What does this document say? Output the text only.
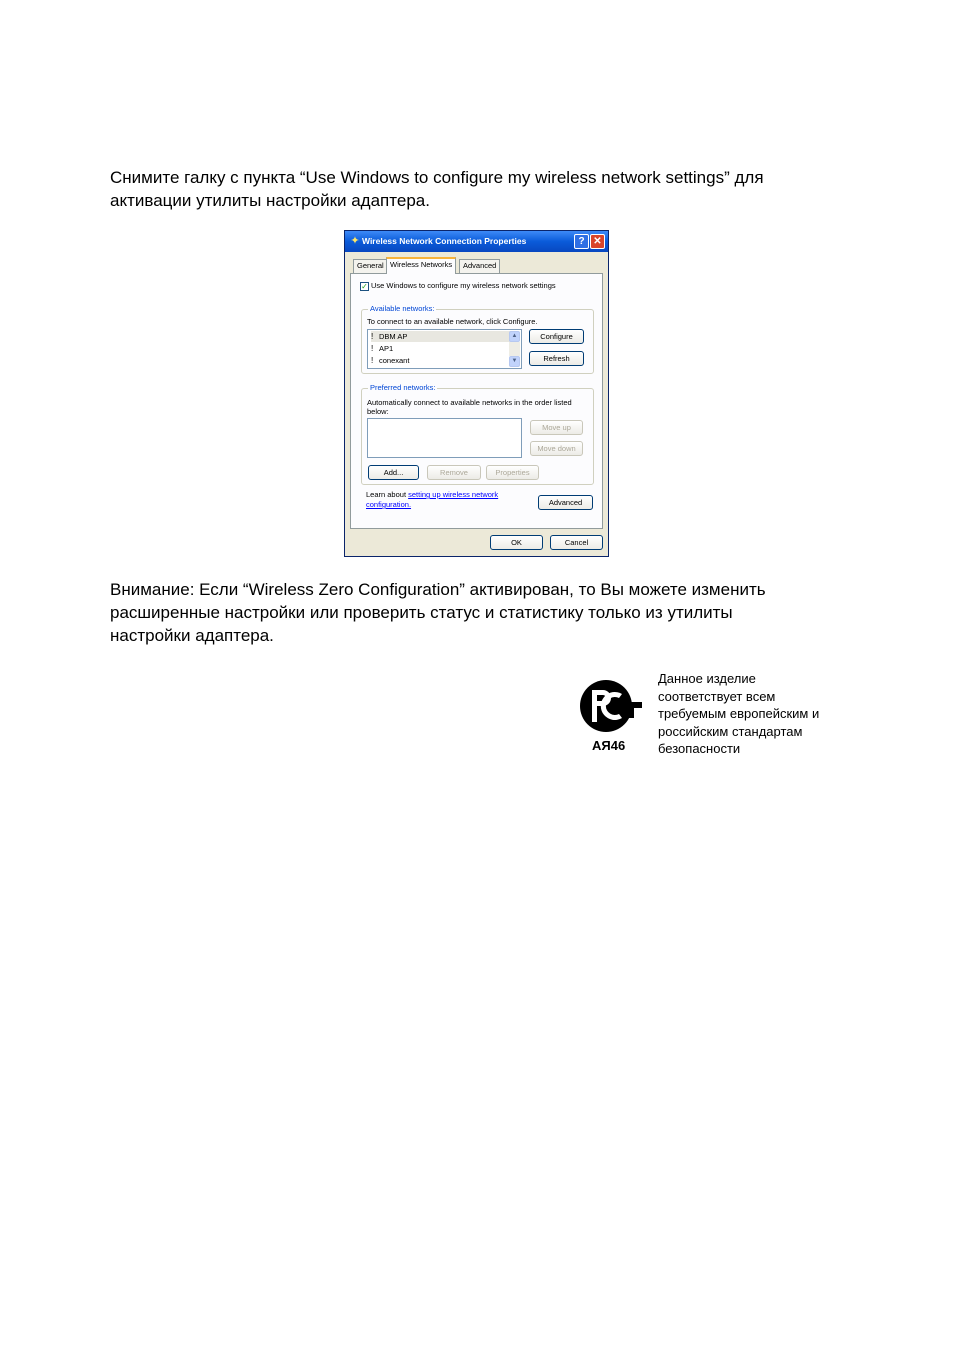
Снимите галку с пункта “Use Windows to configure my wireless network settings” для
активации утилиты настройки адаптера.
✦ Wireless Network Connection Properties	? ✕
General Wireless Networks	Advanced
✓ Use Windows to configure my wireless network settings
Available networks:
To connect to an available network, click Configure.
ǃ DBM AP
ǃ AP1
ǃ conexant
▲
▼
Configure
Refresh
Preferred networks:
Automatically connect to available networks in the order listed
below:
Move up
Move down
Add...	Remove	Properties
Learn about setting up wireless network
configuration.	Advanced
OK	Cancel
Внимание: Если “Wireless Zero Configuration” активирован, то Вы можете изменить
расширенные настройки или проверить статус и статистику только из утилиты
настройки адаптера.
АЯ46
Данное изделие
соответствует всем
требуемым европейским и
российским стандартам
безопасности
